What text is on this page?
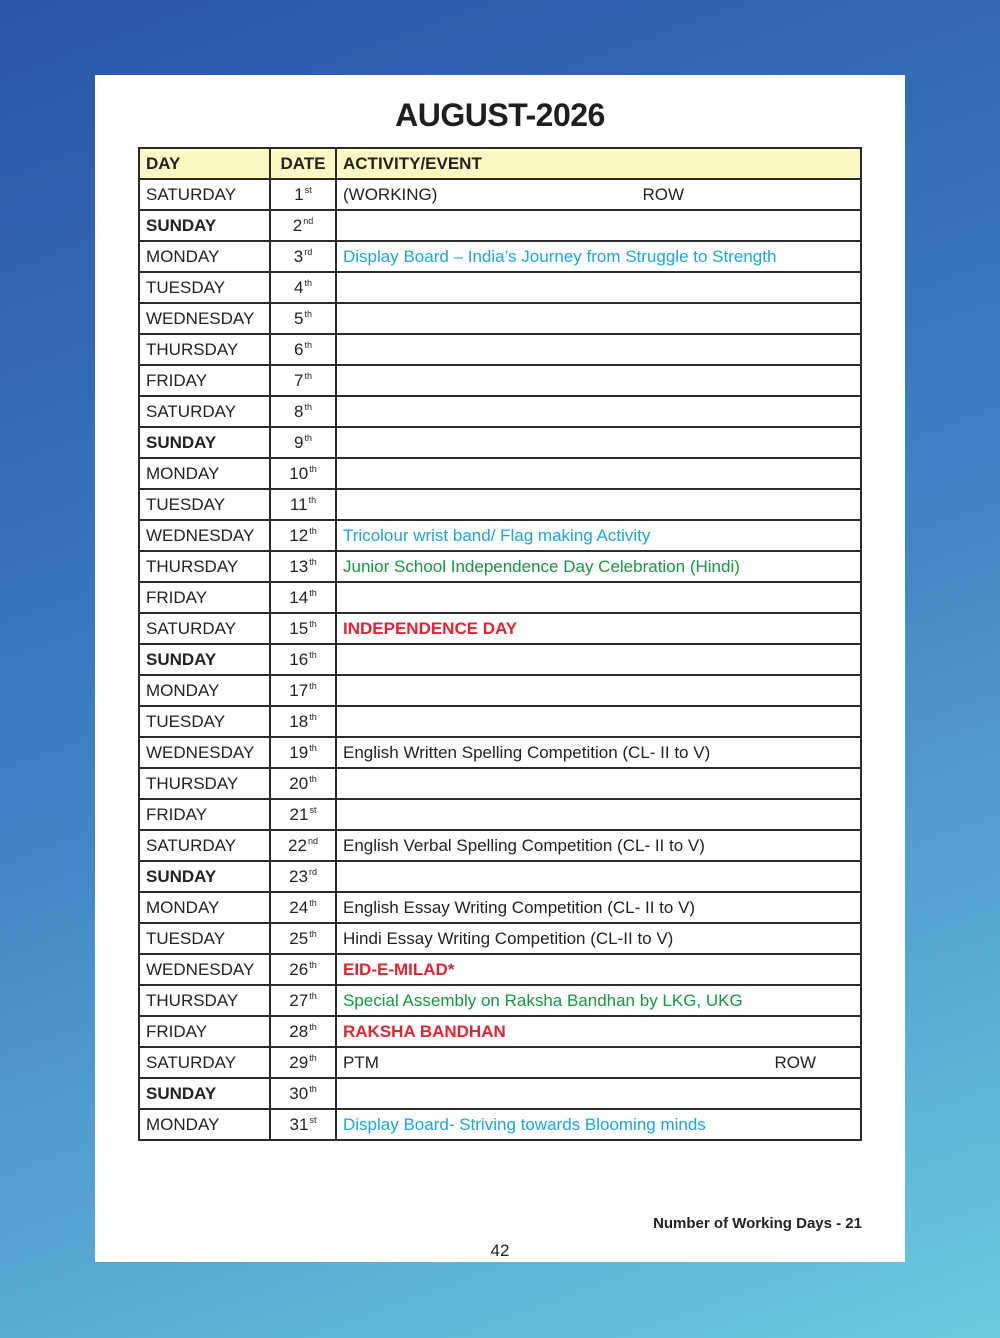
AUGUST-2026
DAY	DATE	ACTIVITY/EVENT
SATURDAY	1st	(WORKING) ROW

SUNDAY	2nd	

MONDAY	3rd	Display Board – India’s Journey from Struggle to Strength

TUESDAY	4th	

WEDNESDAY	5th	

THURSDAY	6th	

FRIDAY	7th	

SATURDAY	8th	

SUNDAY	9th	

MONDAY	10th	

TUESDAY	11th	

WEDNESDAY	12th	Tricolour wrist band/ Flag making Activity

THURSDAY	13th	Junior School Independence Day Celebration (Hindi)

FRIDAY	14th	

SATURDAY	15th	INDEPENDENCE DAY

SUNDAY	16th	

MONDAY	17th	

TUESDAY	18th	

WEDNESDAY	19th	English Written Spelling Competition (CL- II to V)

THURSDAY	20th	

FRIDAY	21st	

SATURDAY	22nd	English Verbal Spelling Competition (CL- II to V)

SUNDAY	23rd	

MONDAY	24th	English Essay Writing Competition (CL- II to V)

TUESDAY	25th	Hindi Essay Writing Competition (CL-II to V)

WEDNESDAY	26th	EID-E-MILAD*

THURSDAY	27th	Special Assembly on Raksha Bandhan by LKG, UKG

FRIDAY	28th	RAKSHA BANDHAN

SATURDAY	29th	PTM ROW

SUNDAY	30th	

MONDAY	31st	Display Board- Striving towards Blooming minds
Number of Working Days - 21
42
